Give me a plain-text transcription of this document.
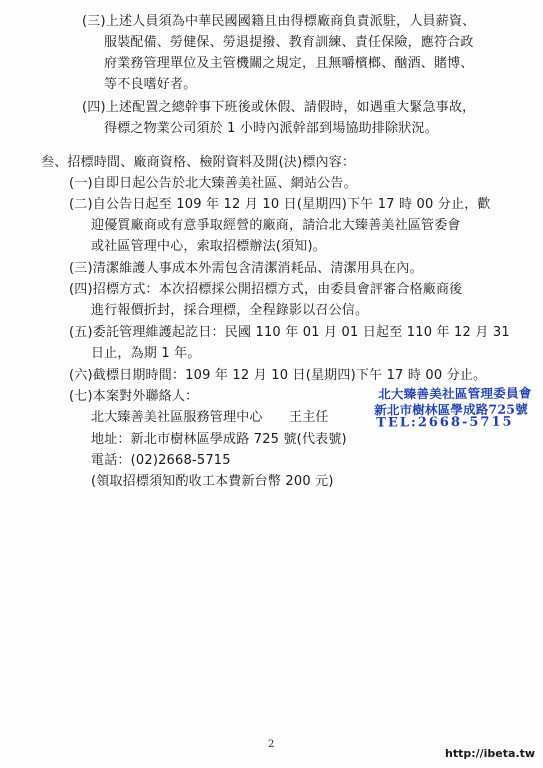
(三)上述人員須為中華民國國籍且由得標廠商負責派駐，人員薪資、
服裝配備、勞健保、勞退提撥、教育訓練、責任保險，應符合政
府業務管理單位及主管機關之規定，且無嚼檳榔、酗酒、賭博、
等不良嗜好者。
(四)上述配置之總幹事下班後或休假、請假時，如遇重大緊急事故，
得標之物業公司須於 1 小時內派幹部到場協助排除狀況。
叁、招標時間、廠商資格、檢附資料及開(決)標內容：
(一)自即日起公告於北大臻善美社區、網站公告。
(二)自公告日起至 109 年 12 月 10 日(星期四)下午 17 時 00 分止，歡
迎優質廠商或有意爭取經營的廠商，請洽北大臻善美社區管委會
或社區管理中心，索取招標辦法(須知)。
(三)清潔維護人事成本外需包含清潔消耗品、清潔用具在內。
(四)招標方式：本次招標採公開招標方式，由委員會評審合格廠商後
進行報價折封，採合理標，全程錄影以召公信。
(五)委託管理維護起訖日：民國 110 年 01 月 01 日起至 110 年 12 月 31
日止，為期 1 年。
(六)截標日期時間：109 年 12 月 10 日(星期四)下午 17 時 00 分止。
(七)本案對外聯絡人：
北大臻善美社區服務管理中心　　王主任
地址：新北市樹林區學成路 725 號(代表號)
電話：(02)2668-5715
(領取招標須知酌收工本費新台幣 200 元)
北大臻善美社區管理委員會
新北市樹林區學成路725號
TEL:2668-5715
2
http://ibeta.tw
